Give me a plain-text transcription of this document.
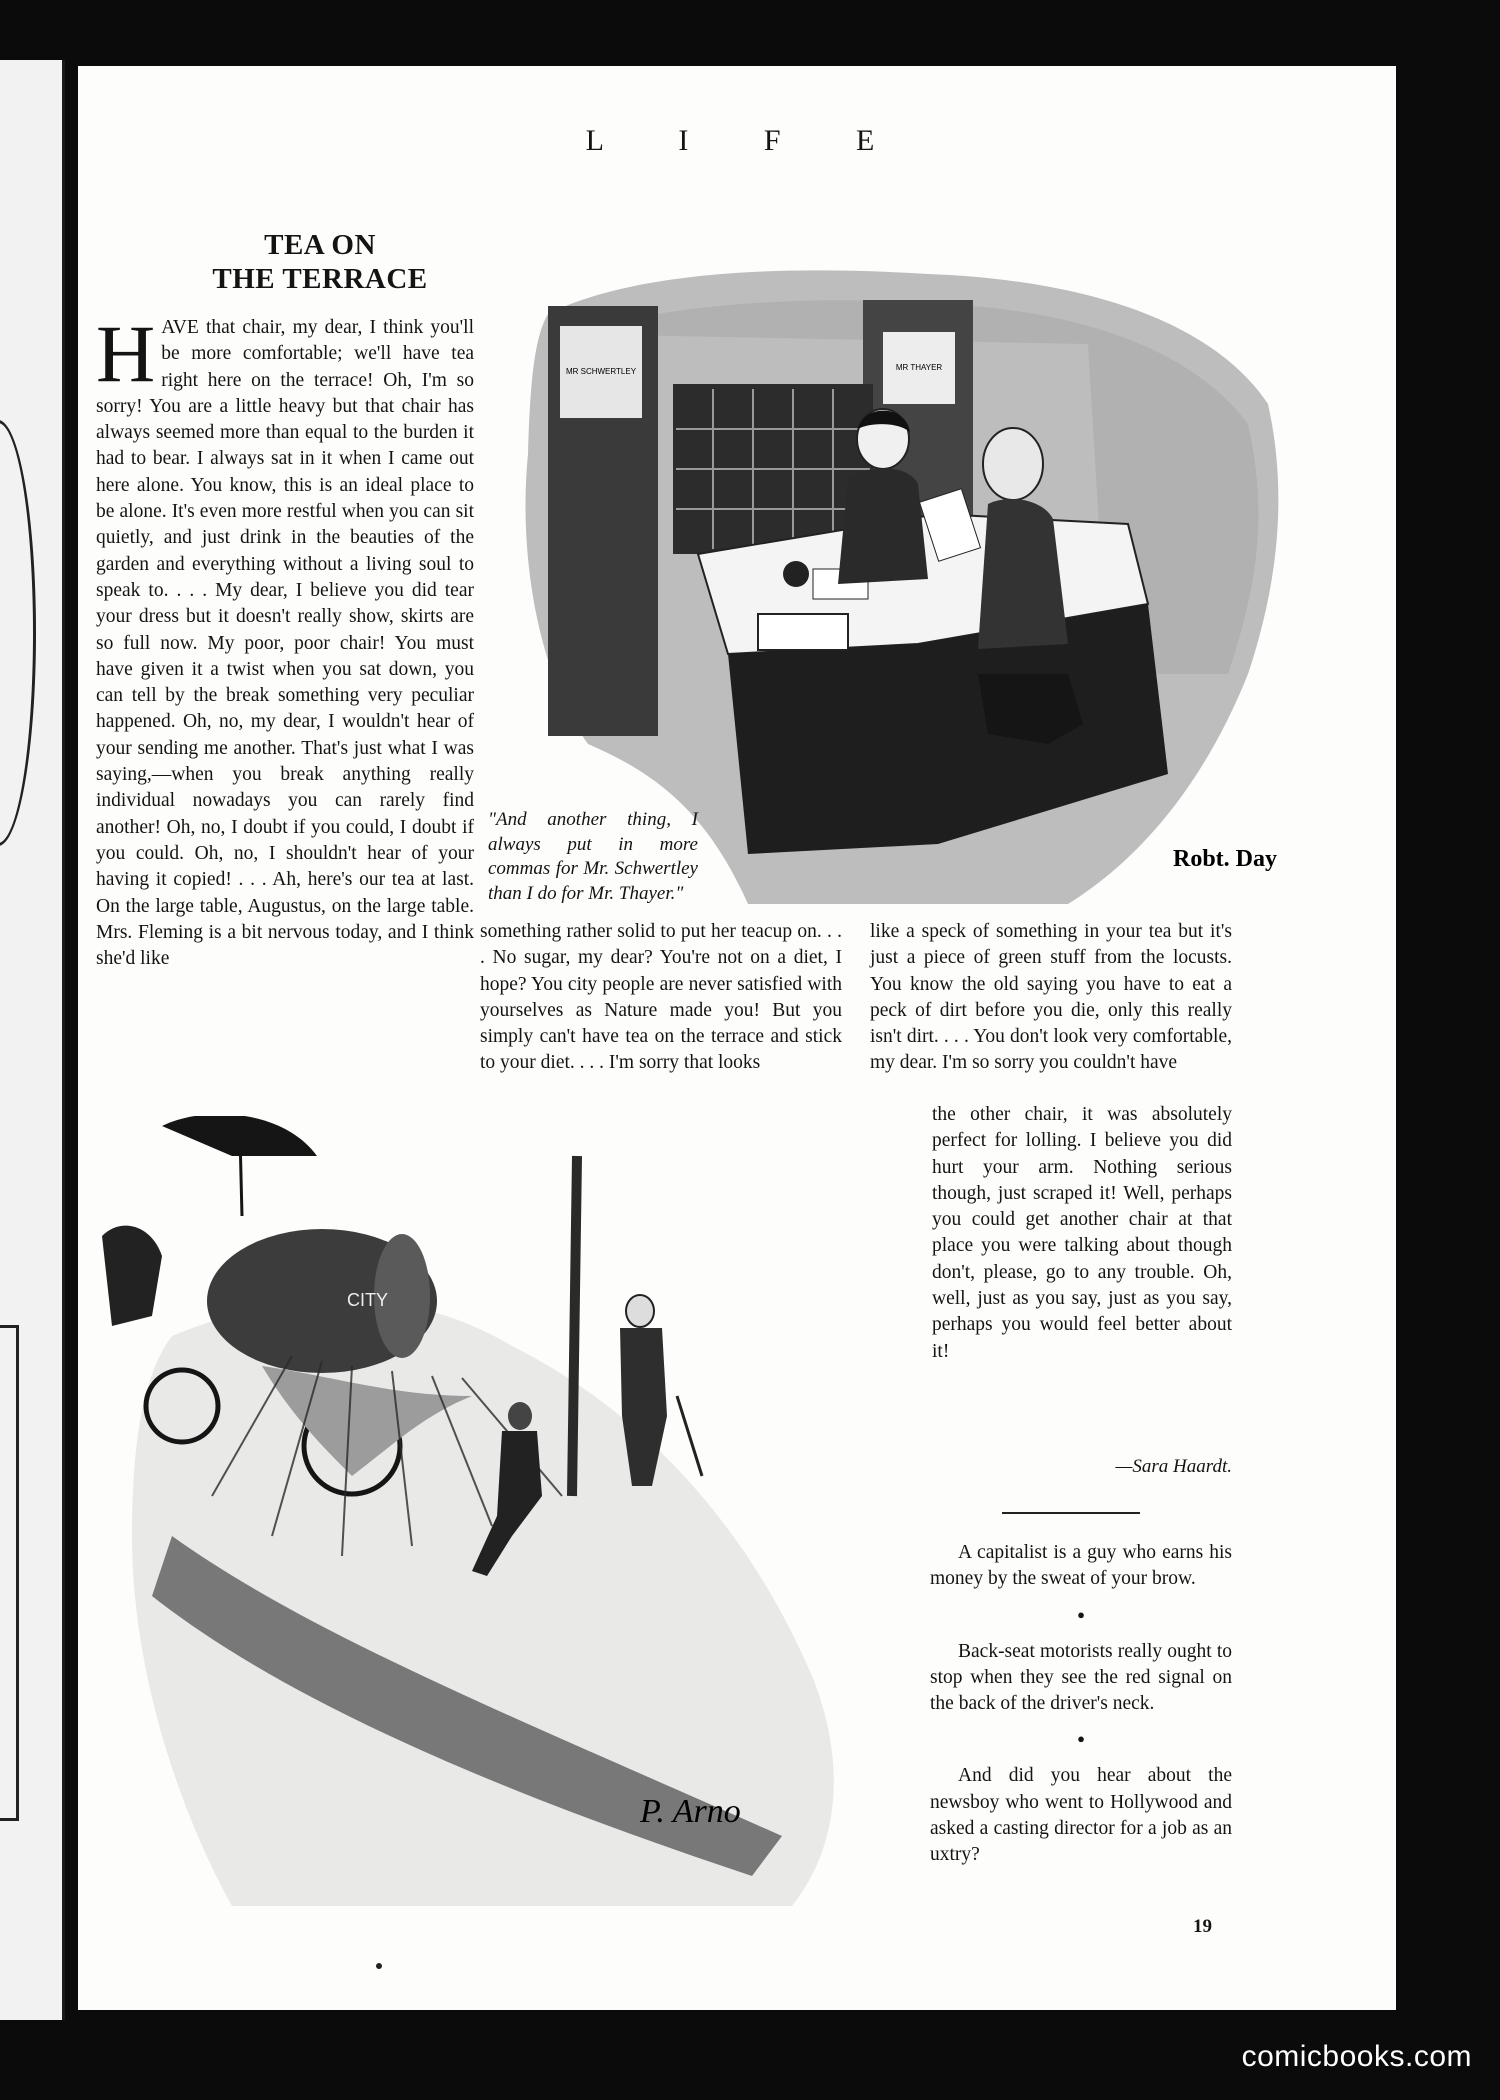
L I F E
TEA ON
THE TERRACE
H AVE that chair, my dear, I think you'll be more comfortable; we'll have tea right here on the terrace! Oh, I'm so sorry! You are a little heavy but that chair has always seemed more than equal to the burden it had to bear. I always sat in it when I came out here alone. You know, this is an ideal place to be alone. It's even more restful when you can sit quietly, and just drink in the beauties of the garden and everything without a living soul to speak to. . . . My dear, I believe you did tear your dress but it doesn't really show, skirts are so full now. My poor, poor chair! You must have given it a twist when you sat down, you can tell by the break something very peculiar happened. Oh, no, my dear, I wouldn't hear of your sending me another. That's just what I was saying,—when you break anything really individual nowadays you can rarely find another! Oh, no, I doubt if you could, I doubt if you could. Oh, no, I shouldn't hear of your having it copied! . . . Ah, here's our tea at last. On the large table, Augustus, on the large table. Mrs. Fleming is a bit nervous today, and I think she'd like

MR SCHWERTLEY	MR THAYER
Robt. Day
"And another thing, I always put in more commas for Mr. Schwertley than I do for Mr. Thayer."

something rather solid to put her teacup on. . . . No sugar, my dear? You're not on a diet, I hope? You city people are never satisfied with yourselves as Nature made you! But you simply can't have tea on the terrace and stick to your diet. . . . I'm sorry that looks

like a speck of something in your tea but it's just a piece of green stuff from the locusts. You know the old saying you have to eat a peck of dirt before you die, only this really isn't dirt. . . . You don't look very comfortable, my dear. I'm so sorry you couldn't have

the other chair, it was absolutely perfect for lolling. I believe you did hurt your arm. Nothing serious though, just scraped it! Well, perhaps you could get another chair at that place you were talking about though don't, please, go to any trouble. Oh, well, just as you say, just as you say, perhaps you would feel better about it!

—Sara Haardt.
CITY
P. Arno

A capitalist is a guy who earns his money by the sweat of your brow.

●

Back-seat motorists really ought to stop when they see the red signal on the back of the driver's neck.

●

And did you hear about the newsboy who went to Hollywood and asked a casting director for a job as an uxtry?

19
comicbooks.com
